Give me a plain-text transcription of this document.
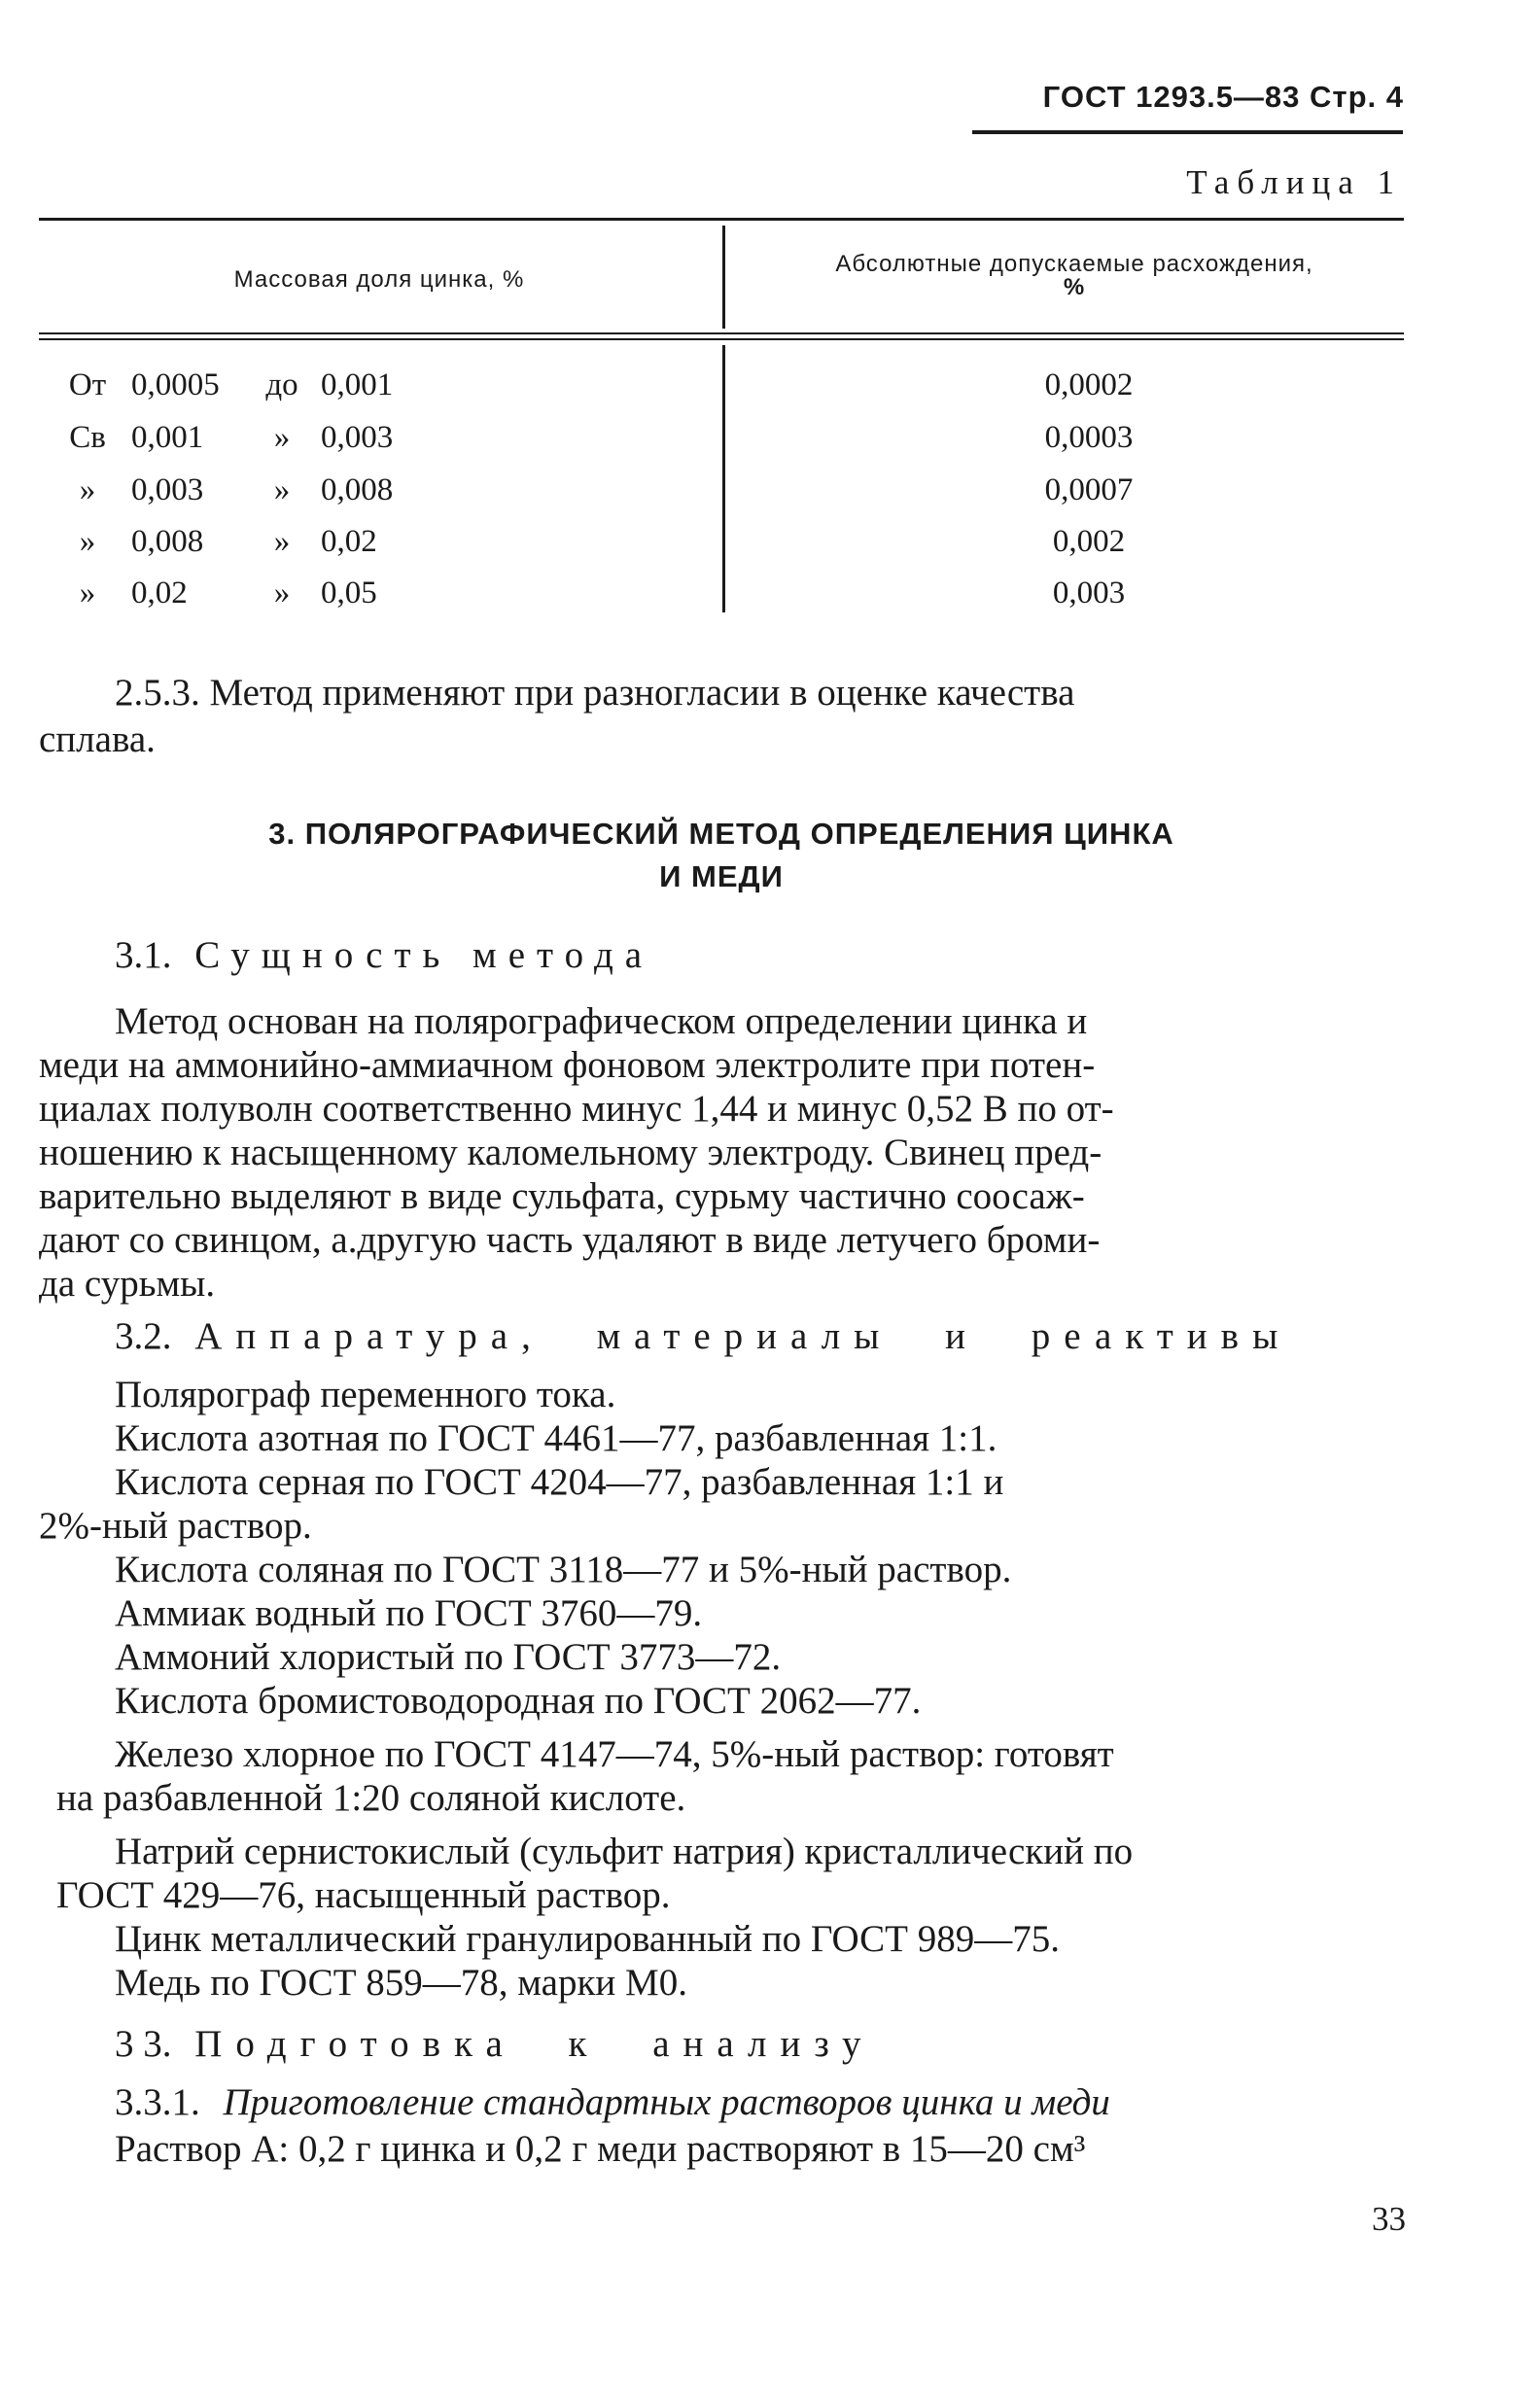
ГОСТ 1293.5—83 Стр. 4
Таблица 1
Массовая доля цинка, %
Абсолютные допускаемые расхождения,
%
От 0,0005	до 0,001	0,0002
Св 0,001	» 0,003	0,0003
»	0,003	» 0,008	0,0007
»	0,008	» 0,02	0,002
»	0,02	» 0,05	0,003
2.5.3. Метод применяют при разногласии в оценке качества
сплава.
3. ПОЛЯРОГРАФИЧЕСКИЙ МЕТОД ОПРЕДЕЛЕНИЯ ЦИНКА
И МЕДИ
3.1. Сущность метода
Метод основан на полярографическом определении цинка и
меди на аммонийно-аммиачном фоновом электролите при потен-
циалах полуволн соответственно минус 1,44 и минус 0,52 В по от-
ношению к насыщенному каломельному электроду. Свинец пред-
варительно выделяют в виде сульфата, сурьму частично соосаж-
дают со свинцом, а.другую часть удаляют в виде летучего броми-
да сурьмы.
3.2. Аппаратура, материалы и реактивы
Полярограф переменного тока.
Кислота азотная по ГОСТ 4461—77, разбавленная 1:1.
Кислота серная по ГОСТ 4204—77, разбавленная 1:1 и
2%-ный раствор.
Кислота соляная по ГОСТ 3118—77 и 5%-ный раствор.
Аммиак водный по ГОСТ 3760—79.
Аммоний хлористый по ГОСТ 3773—72.
Кислота бромистоводородная по ГОСТ 2062—77.
Железо хлорное по ГОСТ 4147—74, 5%-ный раствор: готовят
на разбавленной 1:20 соляной кислоте.
Натрий сернистокислый (сульфит натрия) кристаллический по
ГОСТ 429—76, насыщенный раствор.
Цинк металлический гранулированный по ГОСТ 989—75.
Медь по ГОСТ 859—78, марки М0.
3 3. Подготовка к анализу
3.3.1. Приготовление стандартных растворов цинка и меди
Раствор А: 0,2 г цинка и 0,2 г меди растворяют в 15—20 см³
33
